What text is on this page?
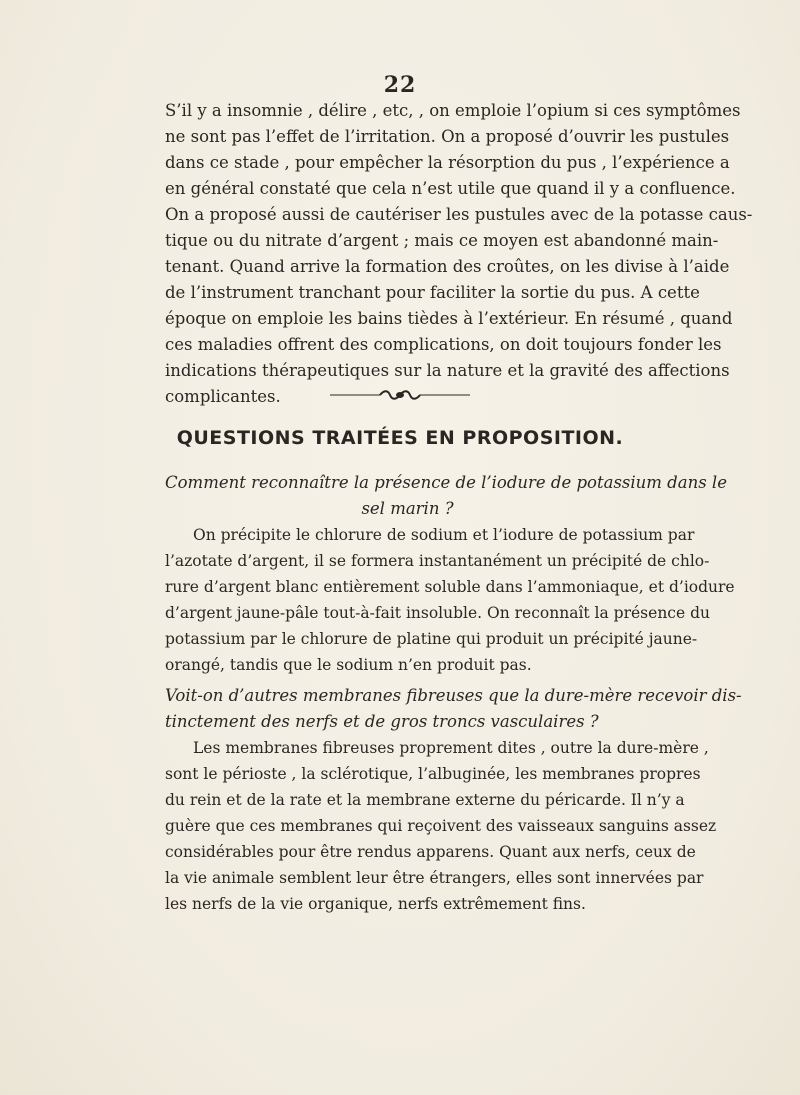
22
S’il y a insomnie , délire , etc, , on emploie l’opium si ces symptômes
ne sont pas l’effet de l’irritation. On a proposé d’ouvrir les pustules
dans ce stade , pour empêcher la résorption du pus , l’expérience a
en général constaté que cela n’est utile que quand il y a confluence.
On a proposé aussi de cautériser les pustules avec de la potasse caus-
tique ou du nitrate d’argent ; mais ce moyen est abandonné main-
tenant. Quand arrive la formation des croûtes, on les divise à l’aide
de l’instrument tranchant pour faciliter la sortie du pus. A cette
époque on emploie les bains tièdes à l’extérieur. En résumé , quand
ces maladies offrent des complications, on doit toujours fonder les
indications thérapeutiques sur la nature et la gravité des affections
complicantes.
QUESTIONS TRAITÉES EN PROPOSITION.
Comment reconnaître la présence de l’iodure de potassium dans le
sel marin ?
On précipite le chlorure de sodium et l’iodure de potassium par
l’azotate d’argent, il se formera instantanément un précipité de chlo-
rure d’argent blanc entièrement soluble dans l’ammoniaque, et d’iodure
d’argent jaune-pâle tout-à-fait insoluble. On reconnaît la présence du
potassium par le chlorure de platine qui produit un précipité jaune-
orangé, tandis que le sodium n’en produit pas.
Voit-on d’autres membranes fibreuses que la dure-mère recevoir dis-
tinctement des nerfs et de gros troncs vasculaires ?
Les membranes fibreuses proprement dites , outre la dure-mère ,
sont le périoste , la sclérotique, l’albuginée, les membranes propres
du rein et de la rate et la membrane externe du péricarde. Il n’y a
guère que ces membranes qui reçoivent des vaisseaux sanguins assez
considérables pour être rendus apparens. Quant aux nerfs, ceux de
la vie animale semblent leur être étrangers, elles sont innervées par
les nerfs de la vie organique, nerfs extrêmement fins.
